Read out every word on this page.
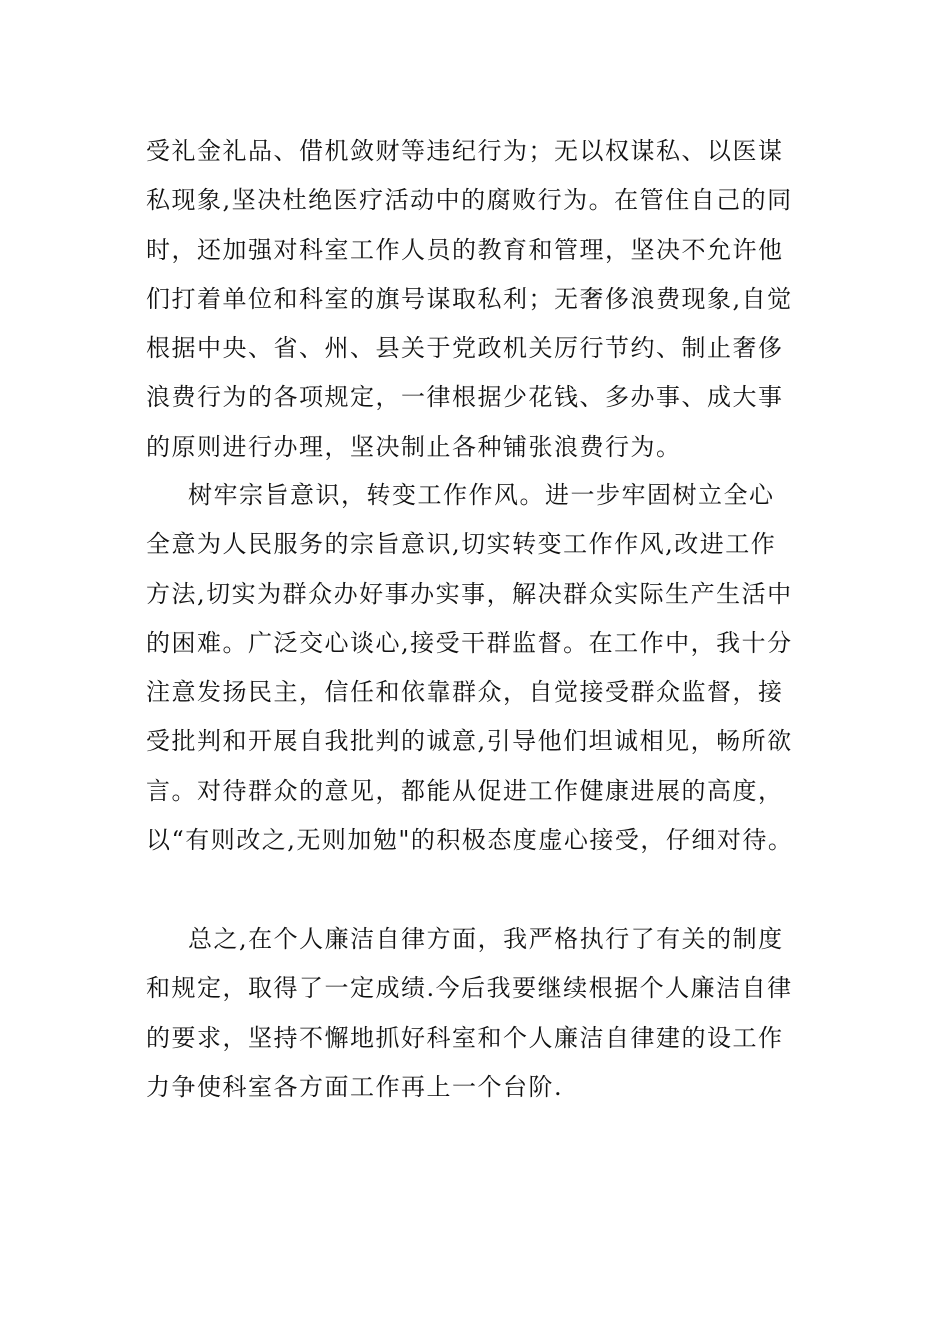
受礼金礼品、借机敛财等违纪行为；无以权谋私、以医谋
私现象,坚决杜绝医疗活动中的腐败行为。在管住自己的同
时，还加强对科室工作人员的教育和管理，坚决不允许他
们打着单位和科室的旗号谋取私利；无奢侈浪费现象,自觉
根据中央、省、州、县关于党政机关厉行节约、制止奢侈
浪费行为的各项规定，一律根据少花钱、多办事、成大事
的原则进行办理，坚决制止各种铺张浪费行为。
树牢宗旨意识，转变工作作风。进一步牢固树立全心
全意为人民服务的宗旨意识,切实转变工作作风,改进工作
方法,切实为群众办好事办实事，解决群众实际生产生活中
的困难。广泛交心谈心,接受干群监督。在工作中，我十分
注意发扬民主，信任和依靠群众，自觉接受群众监督，接
受批判和开展自我批判的诚意,引导他们坦诚相见，畅所欲
言。对待群众的意见，都能从促进工作健康进展的高度，
以“有则改之,无则加勉"的积极态度虚心接受，仔细对待。
总之,在个人廉洁自律方面，我严格执行了有关的制度
和规定，取得了一定成绩.今后我要继续根据个人廉洁自律
的要求，坚持不懈地抓好科室和个人廉洁自律建的设工作
力争使科室各方面工作再上一个台阶.
